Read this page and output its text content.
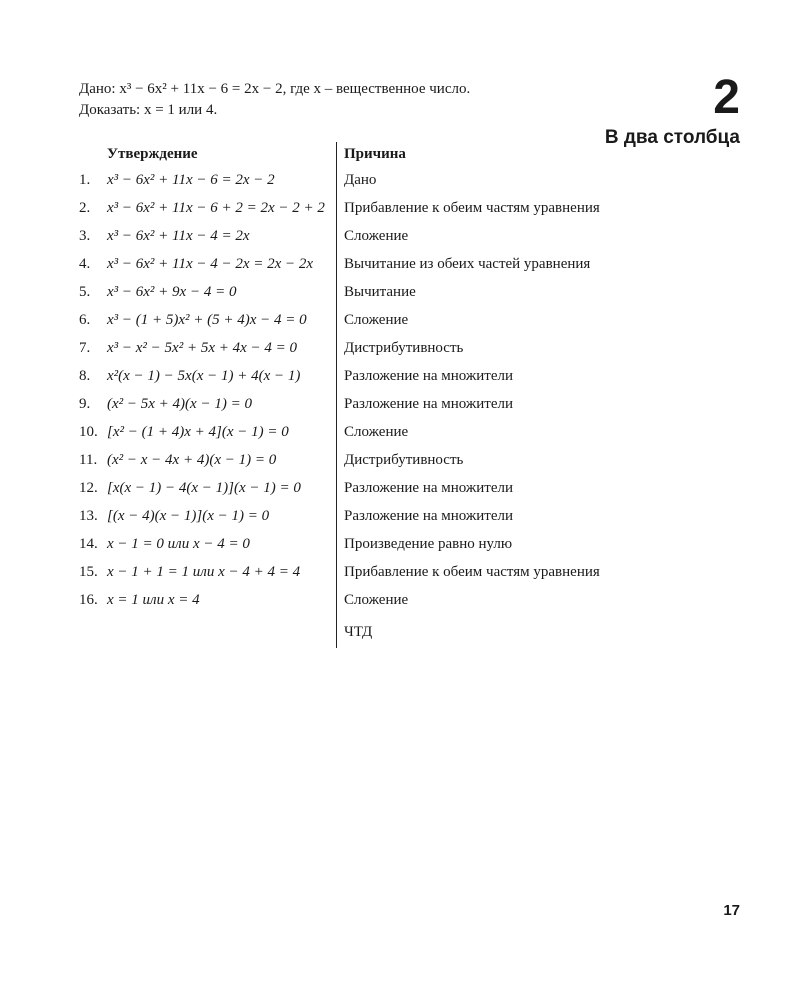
Дано: x³ − 6x² + 11x − 6 = 2x − 2, где x – вещественное число.
Доказать: x = 1 или 4.	2
В два столбца
Утверждение	Причина
1. x³ − 6x² + 11x − 6 = 2x − 2	Дано
2. x³ − 6x² + 11x − 6 + 2 = 2x − 2 + 2 Прибавление к обеим частям уравнения
3. x³ − 6x² + 11x − 4 = 2x	Сложение
4. x³ − 6x² + 11x − 4 − 2x = 2x − 2x Вычитание из обеих частей уравнения
5. x³ − 6x² + 9x − 4 = 0	Вычитание
6. x³ − (1 + 5)x² + (5 + 4)x − 4 = 0 Сложение
7. x³ − x² − 5x² + 5x + 4x − 4 = 0	Дистрибутивность
8. x²(x − 1) − 5x(x − 1) + 4(x − 1)	Разложение на множители
9. (x² − 5x + 4)(x − 1) = 0	Разложение на множители
10. [x² − (1 + 4)x + 4](x − 1) = 0	Сложение
11. (x² − x − 4x + 4)(x − 1) = 0	Дистрибутивность
12. [x(x − 1) − 4(x − 1)](x − 1) = 0	Разложение на множители
13. [(x − 4)(x − 1)](x − 1) = 0	Разложение на множители
14. x − 1 = 0 или x − 4 = 0	Произведение равно нулю
15. x − 1 + 1 = 1 или x − 4 + 4 = 4	Прибавление к обеим частям уравнения
16. x = 1 или x = 4	Сложение
ЧТД
17
